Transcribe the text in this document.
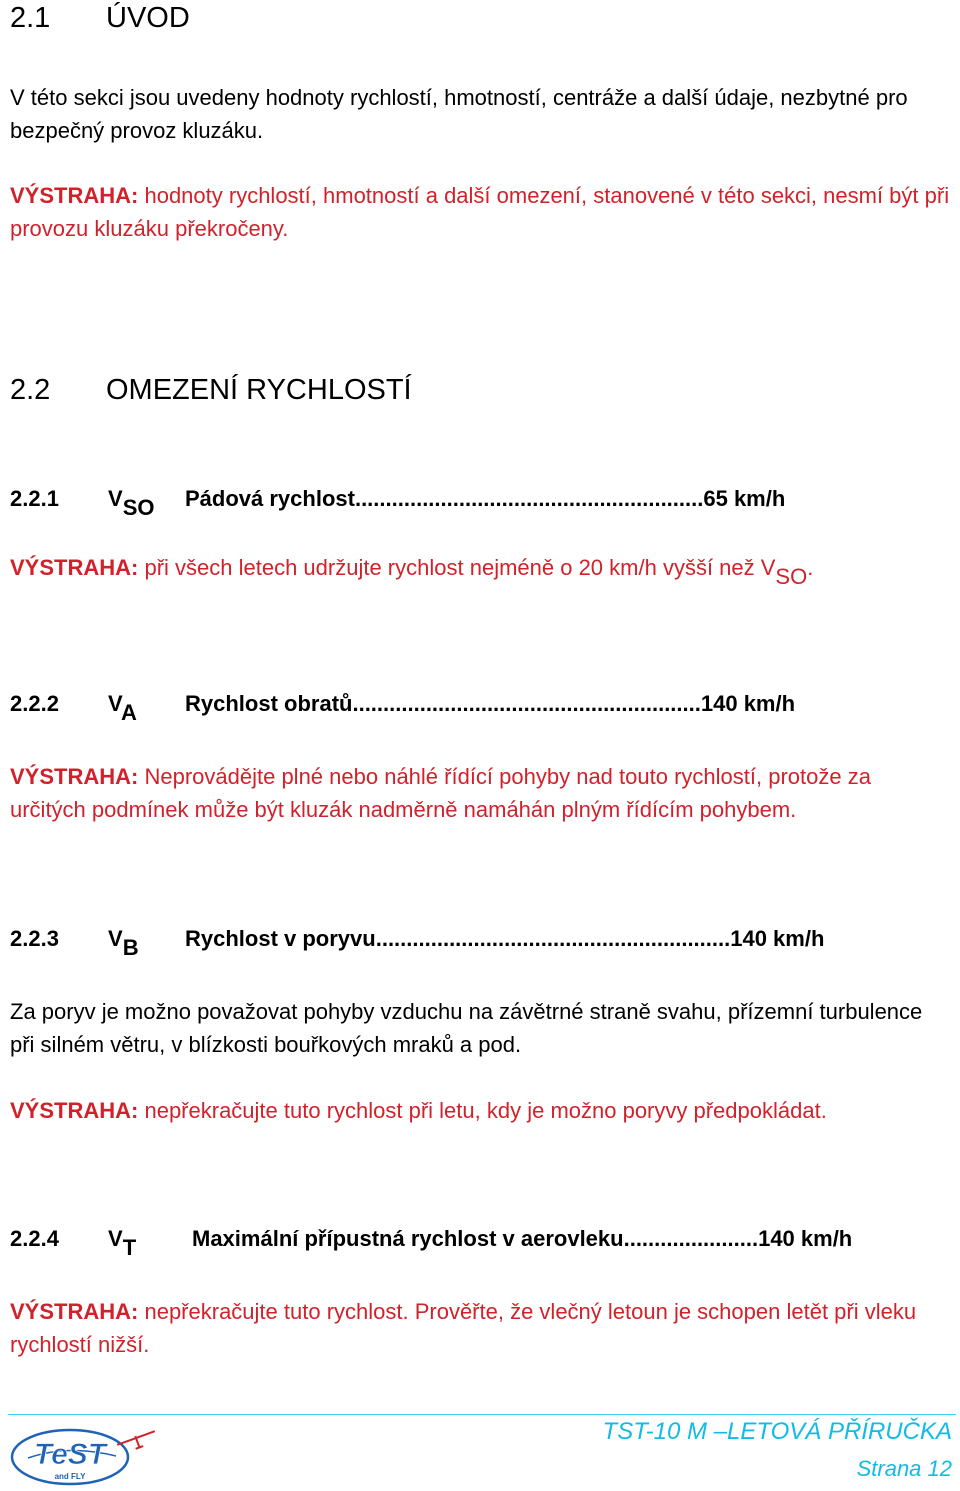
2.1 ÚVOD
V této sekci jsou uvedeny hodnoty rychlostí, hmotností, centráže a další údaje, nezbytné pro bezpečný provoz kluzáku.
VÝSTRAHA: hodnoty rychlostí, hmotností a další omezení, stanovené v této sekci, nesmí být při provozu kluzáku překročeny.
2.2 OMEZENÍ RYCHLOSTÍ
2.2.1 VSO Pádová rychlost.........................................................65 km/h
VÝSTRAHA: při všech letech udržujte rychlost nejméně o 20 km/h vyšší než VSO.
2.2.2 VA Rychlost obratů.........................................................140 km/h
VÝSTRAHA: Neprovádějte plné nebo náhlé řídící pohyby nad touto rychlostí, protože za určitých podmínek může být kluzák nadměrně namáhán plným řídícím pohybem.
2.2.3 VB Rychlost v poryvu..........................................................140 km/h
Za poryv je možno považovat pohyby vzduchu na závětrné straně svahu, přízemní turbulence při silném větru, v blízkosti bouřkových mraků a pod.
VÝSTRAHA: nepřekračujte tuto rychlost při letu, kdy je možno poryvy předpokládat.
2.2.4 VT	Maximální přípustná rychlost v aerovleku......................140 km/h
VÝSTRAHA: nepřekračujte tuto rychlost. Prověřte, že vlečný letoun je schopen letět při vleku rychlostí nižší.
TeST
and FLY
TST-10 M –LETOVÁ PŘÍRUČKA
Strana 12
